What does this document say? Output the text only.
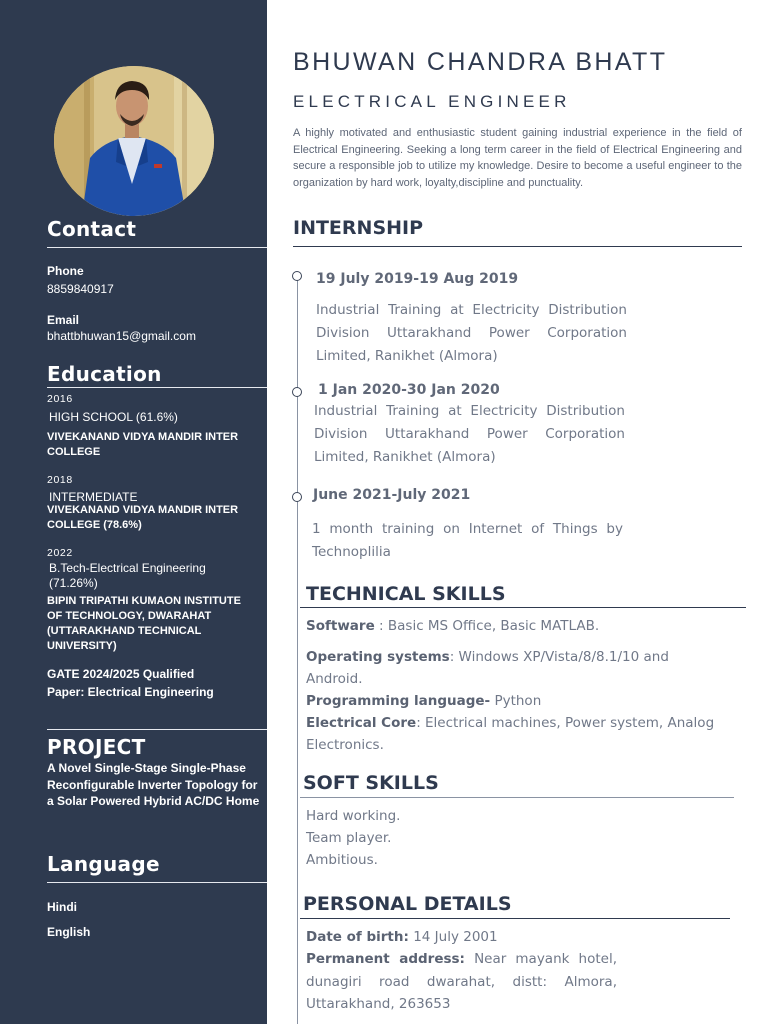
Contact
Phone
8859840917
Email
bhattbhuwan15@gmail.com
Education
2016
HIGH SCHOOL (61.6%)
VIVEKANAND VIDYA MANDIR INTER COLLEGE
2018
INTERMEDIATE
VIVEKANAND VIDYA MANDIR INTER COLLEGE (78.6%)
2022
B.Tech-Electrical Engineering (71.26%)
BIPIN TRIPATHI KUMAON INSTITUTE OF TECHNOLOGY, DWARAHAT (UTTARAKHAND TECHNICAL UNIVERSITY)
GATE 2024/2025 Qualified
Paper: Electrical Engineering
PROJECT
A Novel Single-Stage Single-Phase Reconfigurable Inverter Topology for a Solar Powered Hybrid AC/DC Home
Language
Hindi
English
BHUWAN CHANDRA BHATT
ELECTRICAL ENGINEER
A highly motivated and enthusiastic student gaining industrial experience in the field of Electrical Engineering. Seeking a long term career in the field of Electrical Engineering and secure a responsible job to utilize my knowledge. Desire to become a useful engineer to the organization by hard work, loyalty,discipline and punctuality.
INTERNSHIP
19 July 2019-19 Aug 2019
Industrial Training at Electricity Distribution Division Uttarakhand Power Corporation Limited, Ranikhet (Almora)
1 Jan 2020-30 Jan 2020
Industrial Training at Electricity Distribution Division Uttarakhand Power Corporation Limited, Ranikhet (Almora)
June 2021-July 2021
1 month training on Internet of Things by Technoplilia
TECHNICAL SKILLS
Software : Basic MS Office, Basic MATLAB.
Operating systems: Windows XP/Vista/8/8.1/10 and Android.
Programming language- Python
Electrical Core: Electrical machines, Power system, Analog Electronics.
SOFT SKILLS
Hard working.
Team player.
Ambitious.
PERSONAL DETAILS
Date of birth: 14 July 2001
Permanent address: Near mayank hotel, dunagiri road dwarahat, distt: Almora, Uttarakhand, 263653
